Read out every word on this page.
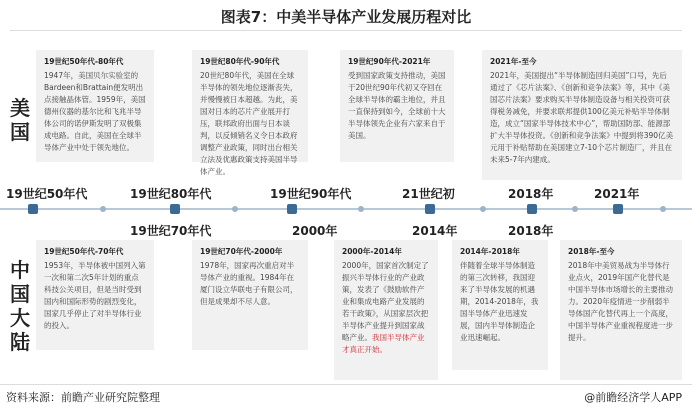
图表7：中美半导体产业发展历程对比
美国
中国大陆
19世纪50年代-80年代
1947年，美国贝尔实验室的Bardeen和Brattain便发明出点接触晶体管。1959年，美国德州仪器的基尔比和飞兆半导体公司的诺伊斯发明了双极集成电路。自此，美国在全球半导体产业中处于领先地位。
19世纪80年代-90年代
20世纪80年代，美国在全球半导体的领先地位逐渐丧失，并慢慢被日本超越。为此，美国对日本的芯片产业展开打压，联邦政府出面与日本谈判，以反倾销名义令日本政府调整产业政策，同时出台相关立法及优惠政策支持美国半导体产业。
19世纪90年代-2021年
受到国家政策支持推动，美国于20世纪90年代初又夺回在全球半导体的霸主地位，并且一直保持到如今，全球前十大半导体领先企业有六家来自于美国。
2021年-至今
2021年，美国提出“半导体制造回归美国”口号，先后通过了《芯片法案》、《创新和竞争法案》等，其中《美国芯片法案》要求购买半导体制造设备与相关投资可获得税务减免，并要求联邦提供100亿美元补贴半导体制造，成立“国家半导体技术中心”，帮助国防部、能源部扩大半导体投资。《创新和竞争法案》中提到将390亿美元用于补贴帮助在美国建立7-10个芯片制造厂，并且在未来5-7年内建成。
19世纪50年代	19世纪80年代	19世纪90年代	21世纪初	2018年	2021年
19世纪70年代	2000年	2014年	2018年
19世纪50年代-70年代
1953年，半导体被中国列入第一次和第二次5年计划的重点科技公关项目，但是当时受到国内和国际形势的剧烈变化，国家几乎停止了对半导体行业的投入。
19世纪70年代-2000年
1978年，国家再次重启对半导体产业的重视。1984年在厦门设立华联电子有限公司，但是成果却不尽人意。
2000年-2014年
2000年，国家首次制定了振兴半导体行业的产业政策，发表了《鼓励软件产业和集成电路产业发展的若干政策》，从国家层次把半导体产业提升到国家战略产业。我国半导体产业才真正开始。
2014年-2018年
伴随着全球半导体制造的第三次转移，我国迎来了半导体发展的机遇期，2014-2018年，我国半导体产业迅速发展，国内半导体制造企业迅速崛起。
2018年-至今
2018年中美贸易战为半导体行业点火，2019年国产化替代是中国半导体市场增长的主要推动力。2020年疫情进一步削弱半导体国产化替代再上一个高度，中国半导体产业重视程度进一步提升。
资料来源：前瞻产业研究院整理	@前瞻经济学人APP
